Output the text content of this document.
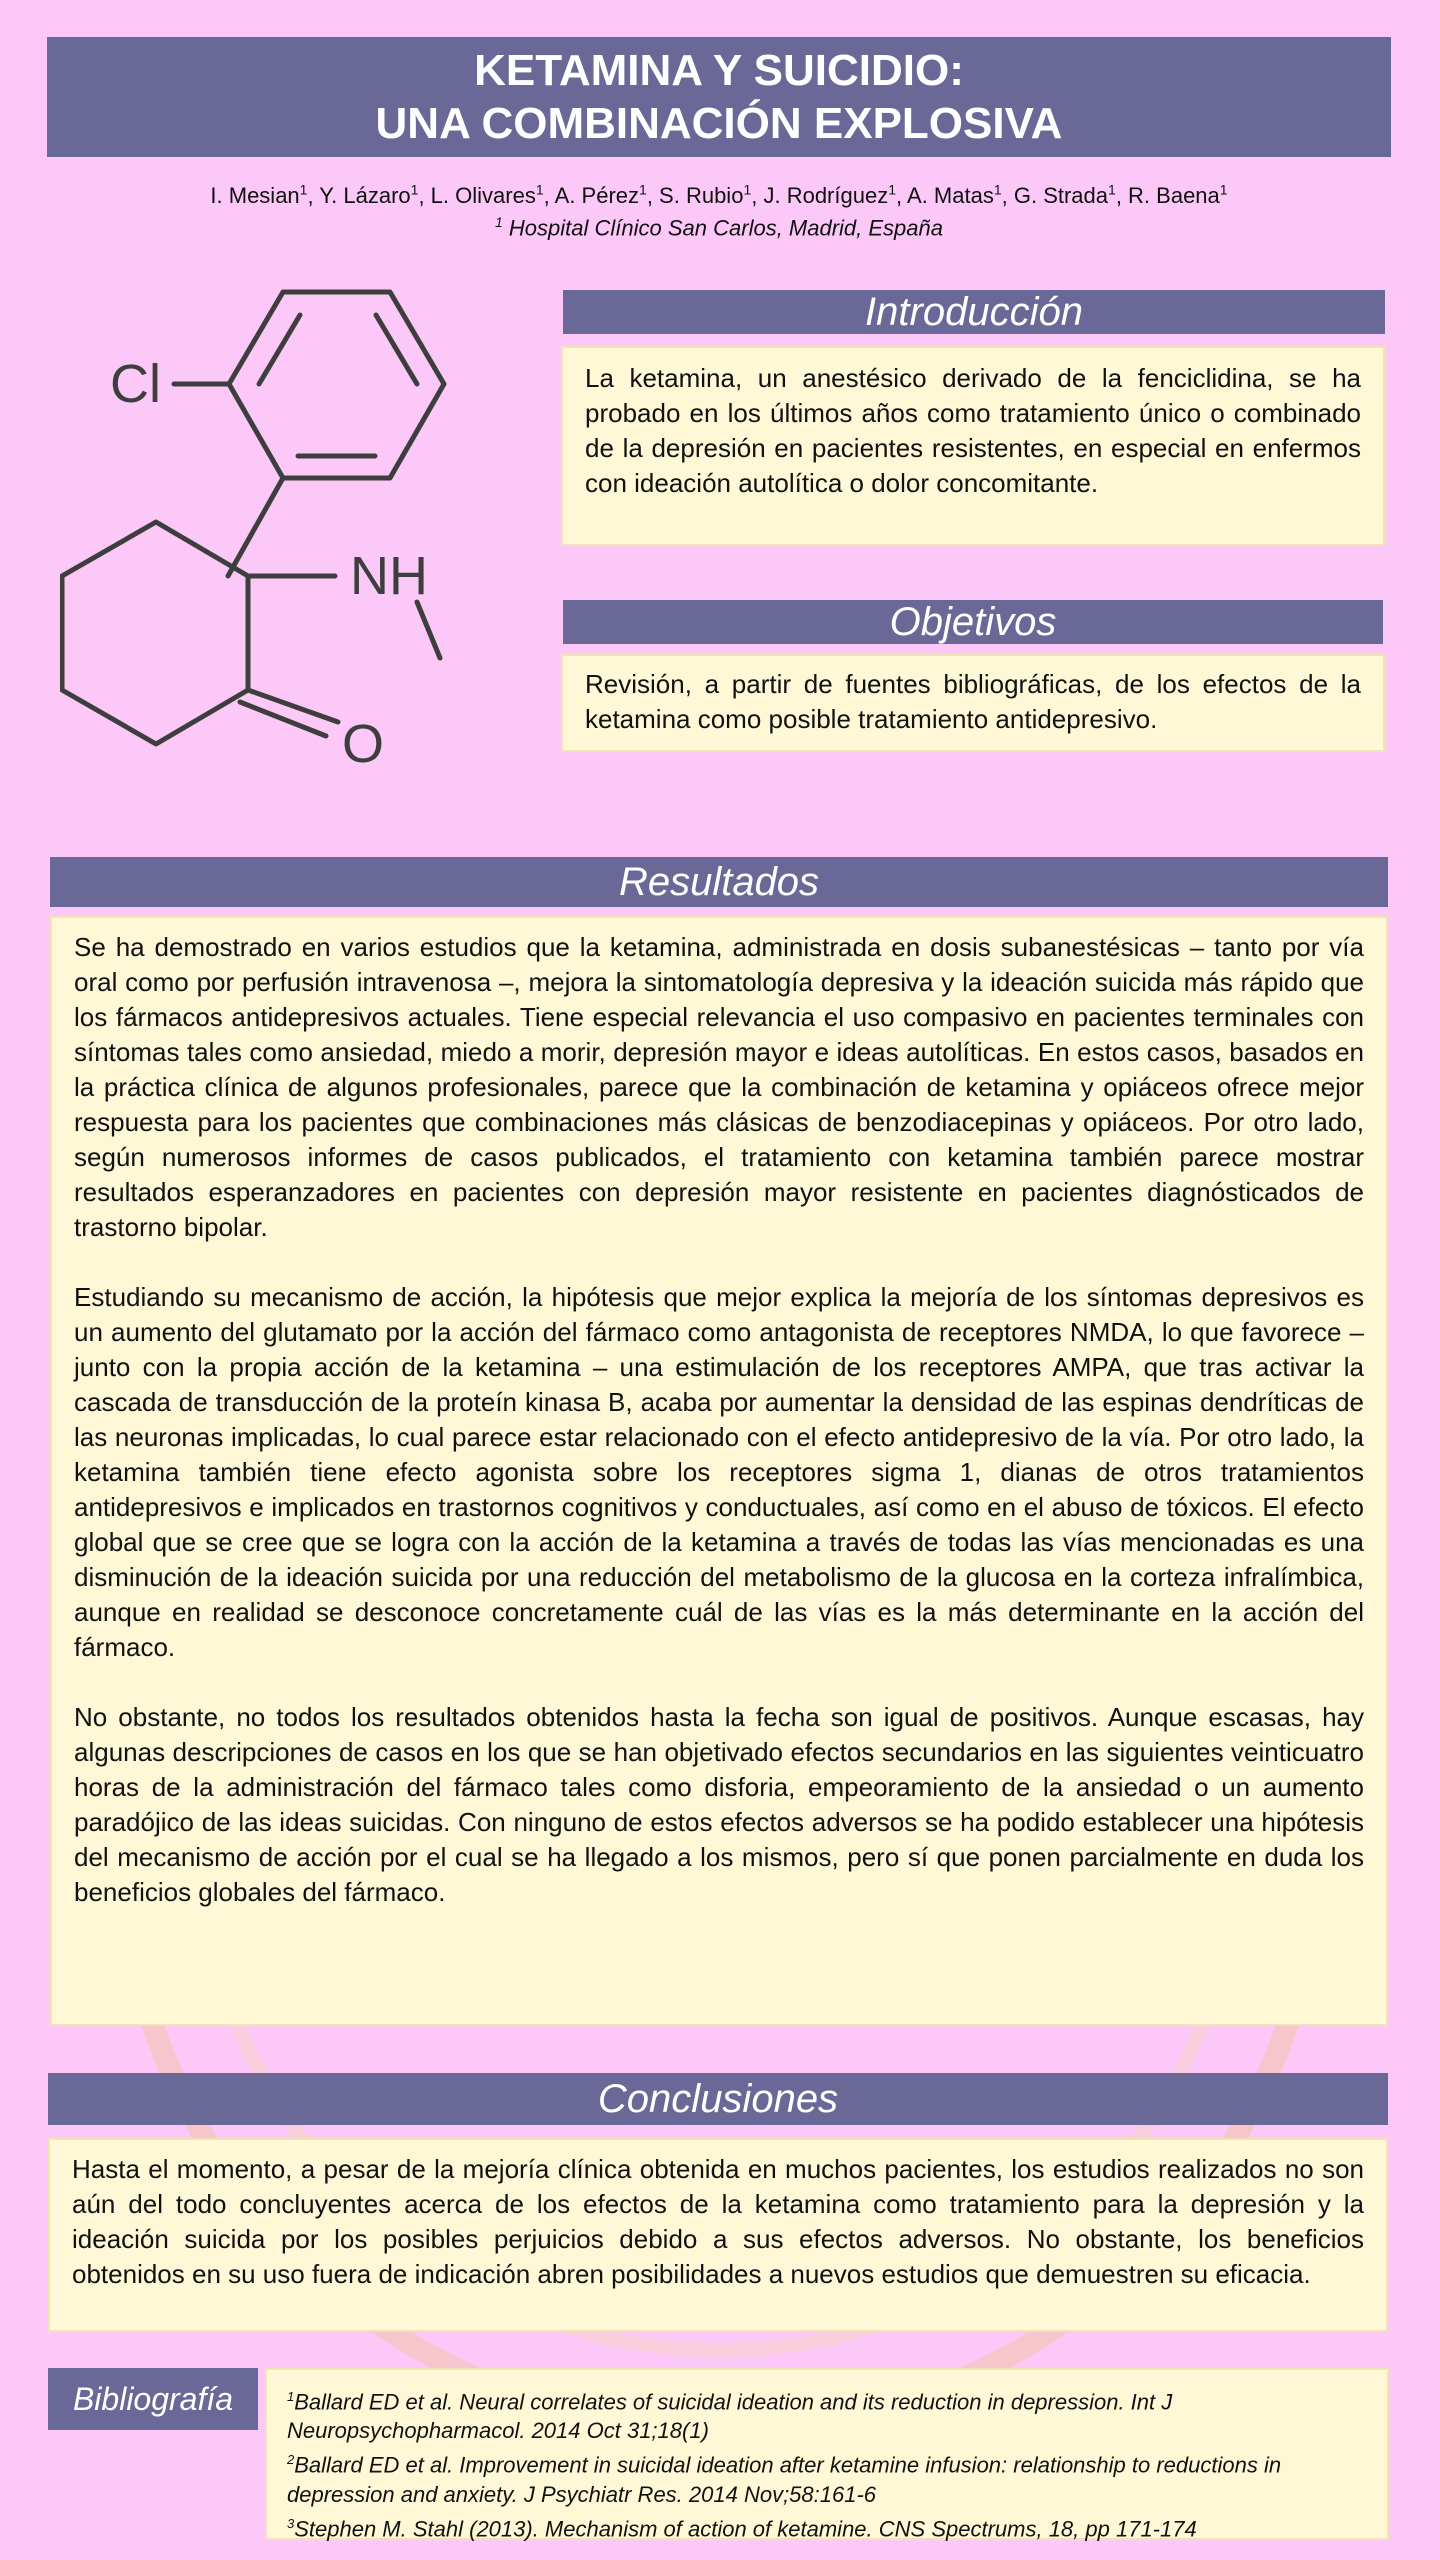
KETAMINA Y SUICIDIO:
UNA COMBINACIÓN EXPLOSIVA
I. Mesian$^1$, Y. Lázaro$^1$, L. Olivares$^1$, A. Pérez$^1$, S. Rubio$^1$, J. Rodríguez$^1$, A. Matas$^1$, G. Strada$^1$, R. Baena$^1$
$^1$ Hospital Clínico San Carlos, Madrid, España
Cl
NH
O
Introducción
La ketamina, un anestésico derivado de la fenciclidina, se ha probado en los últimos años como tratamiento único o combinado de la depresión en pacientes resistentes, en especial en enfermos con ideación autolítica o dolor concomitante.
Objetivos
Revisión, a partir de fuentes bibliográficas, de los efectos de la ketamina como posible tratamiento antidepresivo.
Resultados
Se ha demostrado en varios estudios que la ketamina, administrada en dosis subanestésicas – tanto por vía oral como por perfusión intravenosa –, mejora la sintomatología depresiva y la ideación suicida más rápido que los fármacos antidepresivos actuales. Tiene especial relevancia el uso compasivo en pacientes terminales con síntomas tales como ansiedad, miedo a morir, depresión mayor e ideas autolíticas. En estos casos, basados en la práctica clínica de algunos profesionales, parece que la combinación de ketamina y opiáceos ofrece mejor respuesta para los pacientes que combinaciones más clásicas de benzodiacepinas y opiáceos. Por otro lado, según numerosos informes de casos publicados, el tratamiento con ketamina también parece mostrar resultados esperanzadores en pacientes con depresión mayor resistente en pacientes diagnósticados de trastorno bipolar.
Estudiando su mecanismo de acción, la hipótesis que mejor explica la mejoría de los síntomas depresivos es un aumento del glutamato por la acción del fármaco como antagonista de receptores NMDA, lo que favorece – junto con la propia acción de la ketamina – una estimulación de los receptores AMPA, que tras activar la cascada de transducción de la proteín kinasa B, acaba por aumentar la densidad de las espinas dendríticas de las neuronas implicadas, lo cual parece estar relacionado con el efecto antidepresivo de la vía. Por otro lado, la ketamina también tiene efecto agonista sobre los receptores sigma 1, dianas de otros tratamientos antidepresivos e implicados en trastornos cognitivos y conductuales, así como en el abuso de tóxicos. El efecto global que se cree que se logra con la acción de la ketamina a través de todas las vías mencionadas es una disminución de la ideación suicida por una reducción del metabolismo de la glucosa en la corteza infralímbica, aunque en realidad se desconoce concretamente cuál de las vías es la más determinante en la acción del fármaco.
No obstante, no todos los resultados obtenidos hasta la fecha son igual de positivos. Aunque escasas, hay algunas descripciones de casos en los que se han objetivado efectos secundarios en las siguientes veinticuatro horas de la administración del fármaco tales como disforia, empeoramiento de la ansiedad o un aumento paradójico de las ideas suicidas. Con ninguno de estos efectos adversos se ha podido establecer una hipótesis del mecanismo de acción por el cual se ha llegado a los mismos, pero sí que ponen parcialmente en duda los beneficios globales del fármaco.
Conclusiones
Hasta el momento, a pesar de la mejoría clínica obtenida en muchos pacientes, los estudios realizados no son aún del todo concluyentes acerca de los efectos de la ketamina como tratamiento para la depresión y la ideación suicida por los posibles perjuicios debido a sus efectos adversos. No obstante, los beneficios obtenidos en su uso fuera de indicación abren posibilidades a nuevos estudios que demuestren su eficacia.
Bibliografía	$^1$Ballard ED et al. Neural correlates of suicidal ideation and its reduction in depression. Int J Neuropsychopharmacol. 2014 Oct 31;18(1)
$^2$Ballard ED et al. Improvement in suicidal ideation after ketamine infusion: relationship to reductions in depression and anxiety. J Psychiatr Res. 2014 Nov;58:161-6
$^3$Stephen M. Stahl (2013). Mechanism of action of ketamine. CNS Spectrums, 18, pp 171-174
